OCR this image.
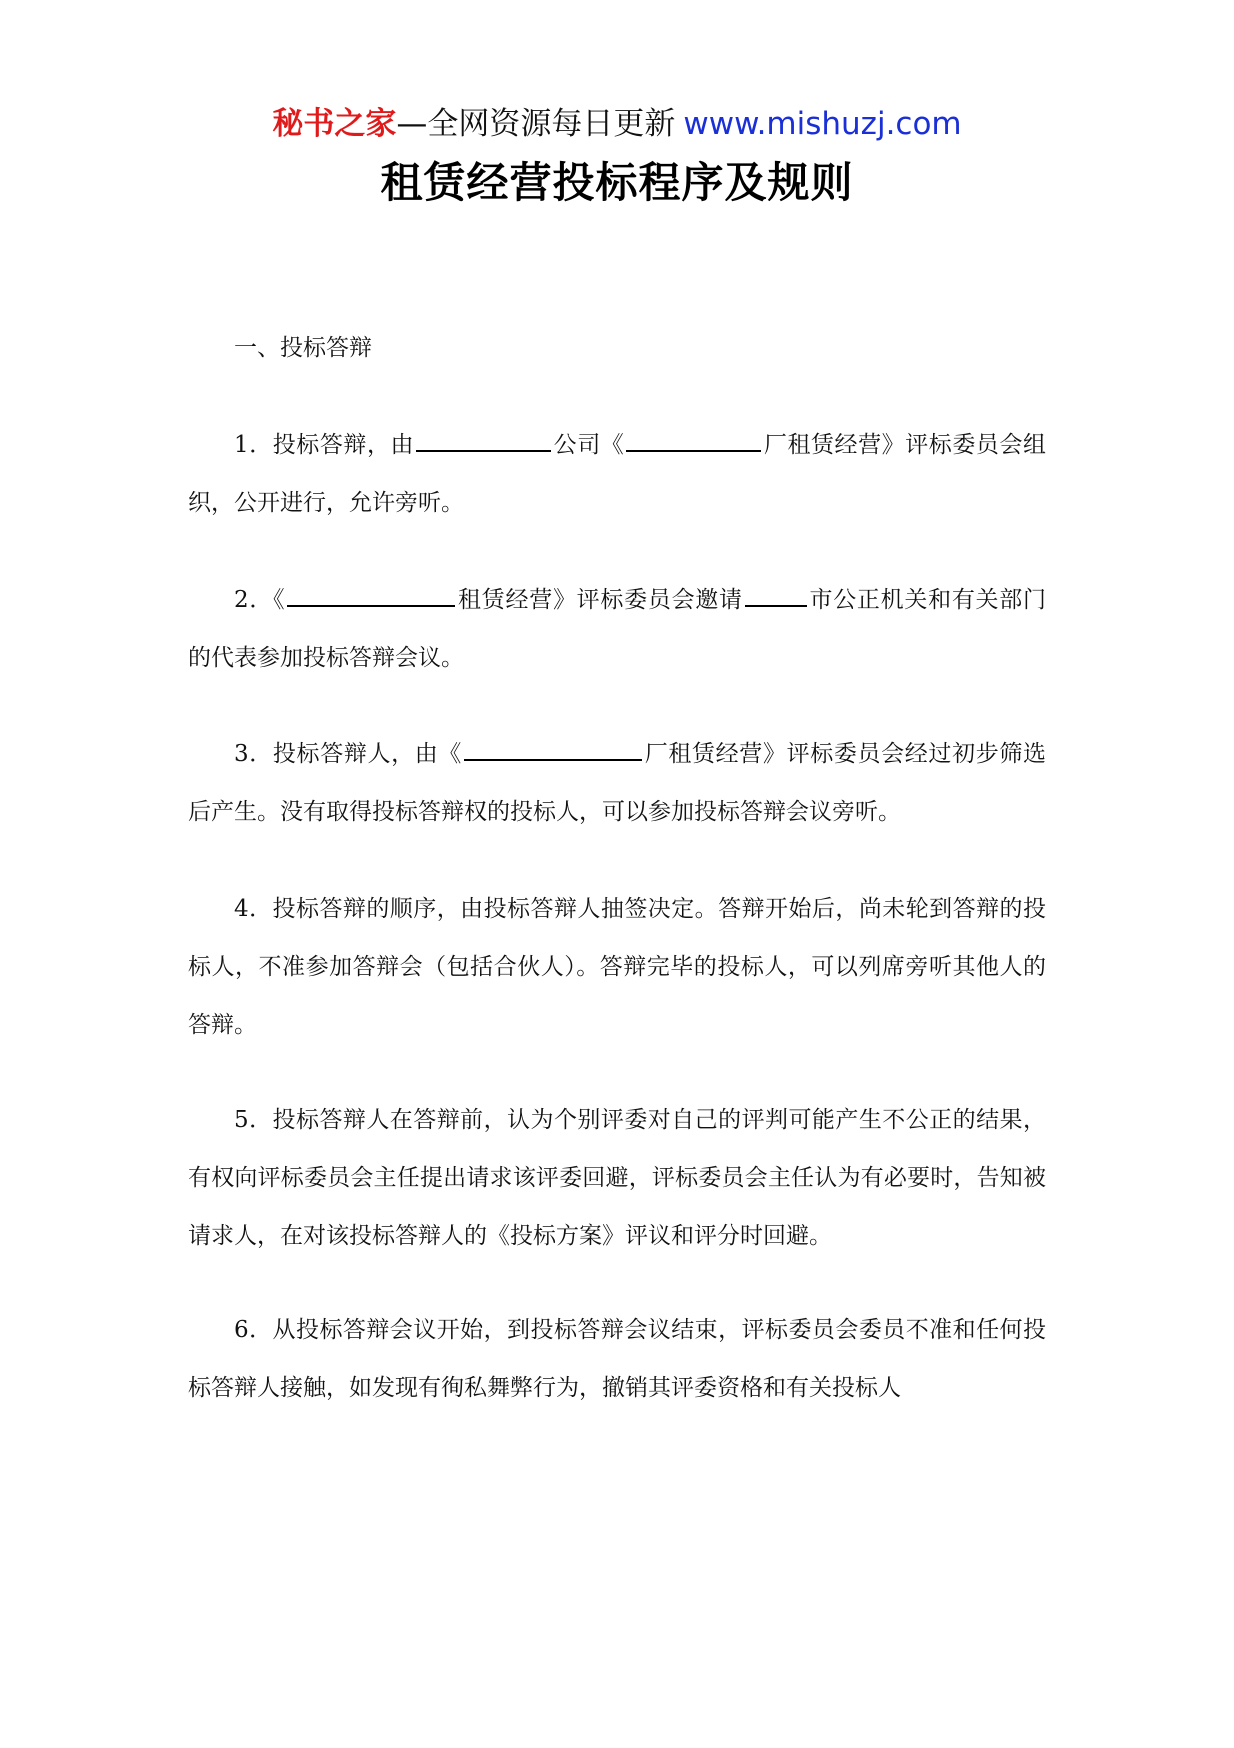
秘书之家—全网资源每日更新 www.mishuzj.com
租赁经营投标程序及规则

一、投标答辩

1．投标答辩，由	公司《	厂租赁经营》评标委员会组织，公开进行，允许旁听。

2．《	租赁经营》评标委员会邀请	市公正机关和有关部门的代表参加投标答辩会议。

3．投标答辩人，由《	厂租赁经营》评标委员会经过初步筛选后产生。没有取得投标答辩权的投标人，可以参加投标答辩会议旁听。

4．投标答辩的顺序，由投标答辩人抽签决定。答辩开始后，尚未轮到答辩的投标人，不准参加答辩会（包括合伙人）。答辩完毕的投标人，可以列席旁听其他人的答辩。

5．投标答辩人在答辩前，认为个别评委对自己的评判可能产生不公正的结果，有权向评标委员会主任提出请求该评委回避，评标委员会主任认为有必要时，告知被请求人，在对该投标答辩人的《投标方案》评议和评分时回避。

6．从投标答辩会议开始，到投标答辩会议结束，评标委员会委员不准和任何投标答辩人接触，如发现有徇私舞弊行为，撤销其评委资格和有关投标人
